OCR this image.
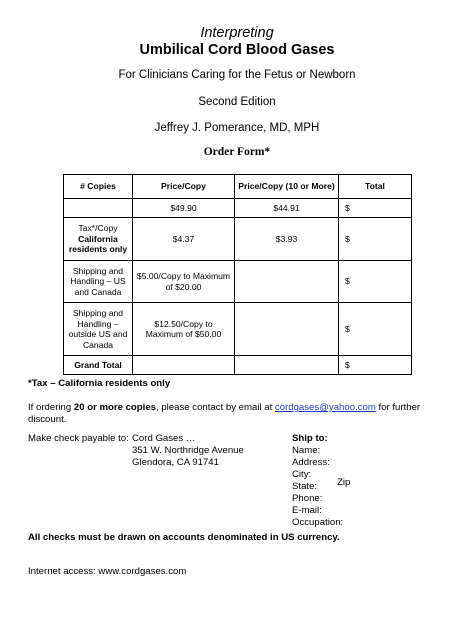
Interpreting
Umbilical Cord Blood Gases
For Clinicians Caring for the Fetus or Newborn
Second Edition
Jeffrey J. Pomerance, MD, MPH
Order Form*
# Copies	Price/Copy	Price/Copy (10 or More)	Total
	$49.90	$44.91	$
Tax*/Copy
California residents only	$4.37	$3.93	$
Shipping and Handling – US and Canada	$5.00/Copy to Maximum of $20.00		$
Shipping and Handling – outside US and Canada	$12.50/Copy to Maximum of $50.00		$
Grand Total			$
*Tax – California residents only
If ordering 20 or more copies, please contact by email at cordgases@yahoo.com for further discount.
Make check payable to: Cord Gases …
351 W. Northridge Avenue
Glendora, CA 91741
Ship to:
Name:
Address:
City:
State:
Phone:
E-mail:
Occupation:
Zip
All checks must be drawn on accounts denominated in US currency.
Internet access: www.cordgases.com
